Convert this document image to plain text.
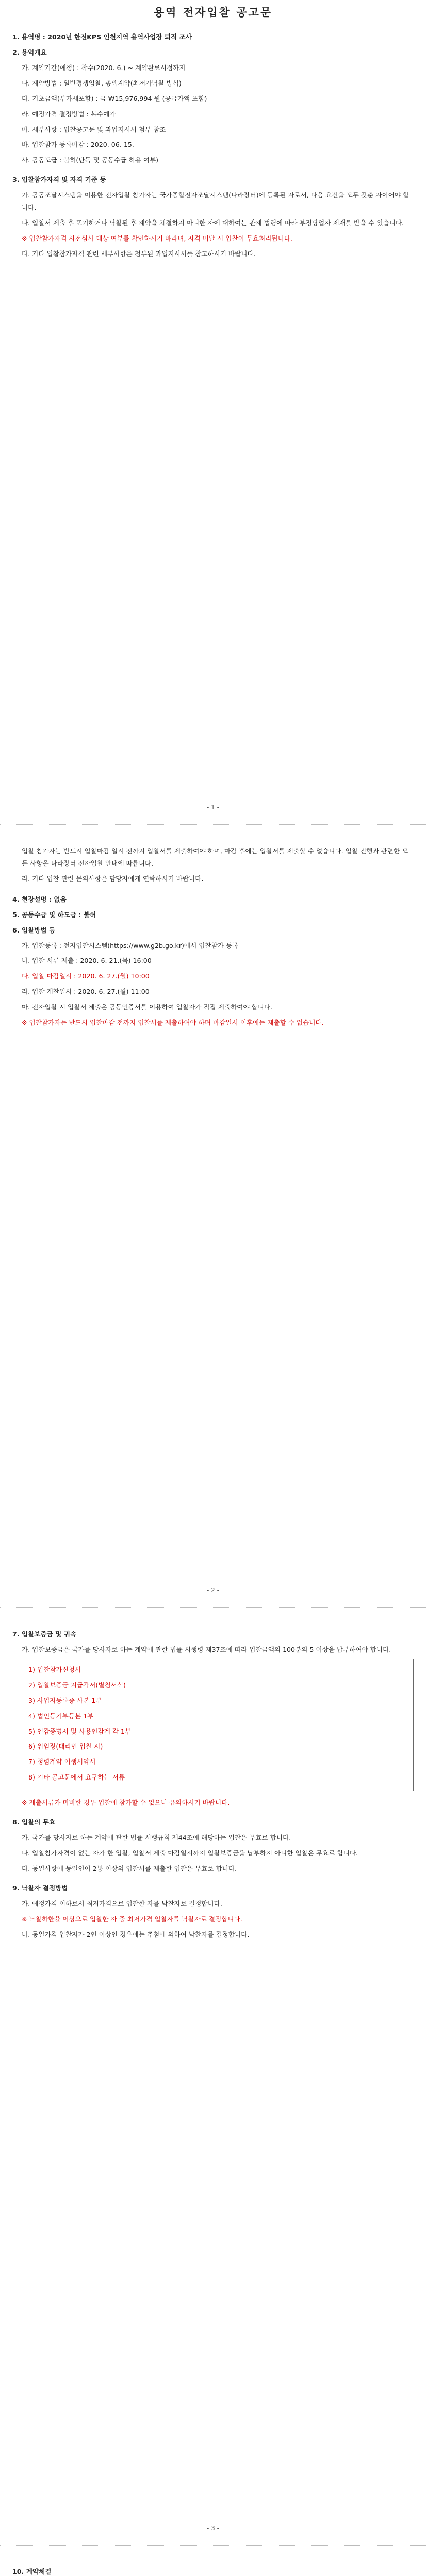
용역 전자입찰 공고문

1. 용역명 : 2020년 한전KPS 인천지역 용역사업장 퇴직 조사

2. 용역개요

가. 계약기간(예정) : 착수(2020. 6.) ~ 계약완료시점까지

나. 계약방법 : 일반경쟁입찰, 총액계약(최저가낙찰 방식)

다. 기초금액(부가세포함) : 금 ₩15,976,994 원 (공급가액 포함)

라. 예정가격 결정방법 : 복수예가

마. 세부사항 : 입찰공고문 및 과업지시서 첨부 참조

바. 입찰참가 등록마감 : 2020. 06. 15.

사. 공동도급 : 불허(단독 및 공동수급 허용 여부)

3. 입찰참가자격 및 자격 기준 등

가. 공공조달시스템을 이용한 전자입찰 참가자는 국가종합전자조달시스템(나라장터)에 등록된 자로서, 다음 요건을 모두 갖춘 자이어야 합니다.

나. 입찰서 제출 후 포기하거나 낙찰된 후 계약을 체결하지 아니한 자에 대하여는 관계 법령에 따라 부정당업자 제재를 받을 수 있습니다.

※ 입찰참가자격 사전심사 대상 여부를 확인하시기 바라며, 자격 미달 시 입찰이 무효처리됩니다.

다. 기타 입찰참가자격 관련 세부사항은 첨부된 과업지시서를 참고하시기 바랍니다.

- 1 -

입찰 참가자는 반드시 입찰마감 일시 전까지 입찰서를 제출하여야 하며, 마감 후에는 입찰서를 제출할 수 없습니다. 입찰 진행과 관련한 모든 사항은 나라장터 전자입찰 안내에 따릅니다.

라. 기타 입찰 관련 문의사항은 담당자에게 연락하시기 바랍니다.

4. 현장설명 : 없음

5. 공동수급 및 하도급 : 불허

6. 입찰방법 등

가. 입찰등록 : 전자입찰시스템(https://www.g2b.go.kr)에서 입찰참가 등록

나. 입찰 서류 제출 : 2020. 6. 21.(목) 16:00

다. 입찰 마감일시 : 2020. 6. 27.(월) 10:00

라. 입찰 개찰일시 : 2020. 6. 27.(월) 11:00

마. 전자입찰 시 입찰서 제출은 공동인증서를 이용하여 입찰자가 직접 제출하여야 합니다.

※ 입찰참가자는 반드시 입찰마감 전까지 입찰서를 제출하여야 하며 마감일시 이후에는 제출할 수 없습니다.

- 2 -

7. 입찰보증금 및 귀속

가. 입찰보증금은 국가를 당사자로 하는 계약에 관한 법률 시행령 제37조에 따라 입찰금액의 100분의 5 이상을 납부하여야 합니다.

1) 입찰참가신청서

2) 입찰보증금 지급각서(별첨서식)

3) 사업자등록증 사본 1부

4) 법인등기부등본 1부

5) 인감증명서 및 사용인감계 각 1부

6) 위임장(대리인 입찰 시)

7) 청렴계약 이행서약서

8) 기타 공고문에서 요구하는 서류

※ 제출서류가 미비한 경우 입찰에 참가할 수 없으니 유의하시기 바랍니다.

8. 입찰의 무효

가. 국가를 당사자로 하는 계약에 관한 법률 시행규칙 제44조에 해당하는 입찰은 무효로 합니다.

나. 입찰참가자격이 없는 자가 한 입찰, 입찰서 제출 마감일시까지 입찰보증금을 납부하지 아니한 입찰은 무효로 합니다.

다. 동일사항에 동일인이 2통 이상의 입찰서를 제출한 입찰은 무효로 합니다.

9. 낙찰자 결정방법

가. 예정가격 이하로서 최저가격으로 입찰한 자를 낙찰자로 결정합니다.

※ 낙찰하한율 이상으로 입찰한 자 중 최저가격 입찰자를 낙찰자로 결정합니다.

나. 동일가격 입찰자가 2인 이상인 경우에는 추첨에 의하여 낙찰자를 결정합니다.

- 3 -

10. 계약체결
